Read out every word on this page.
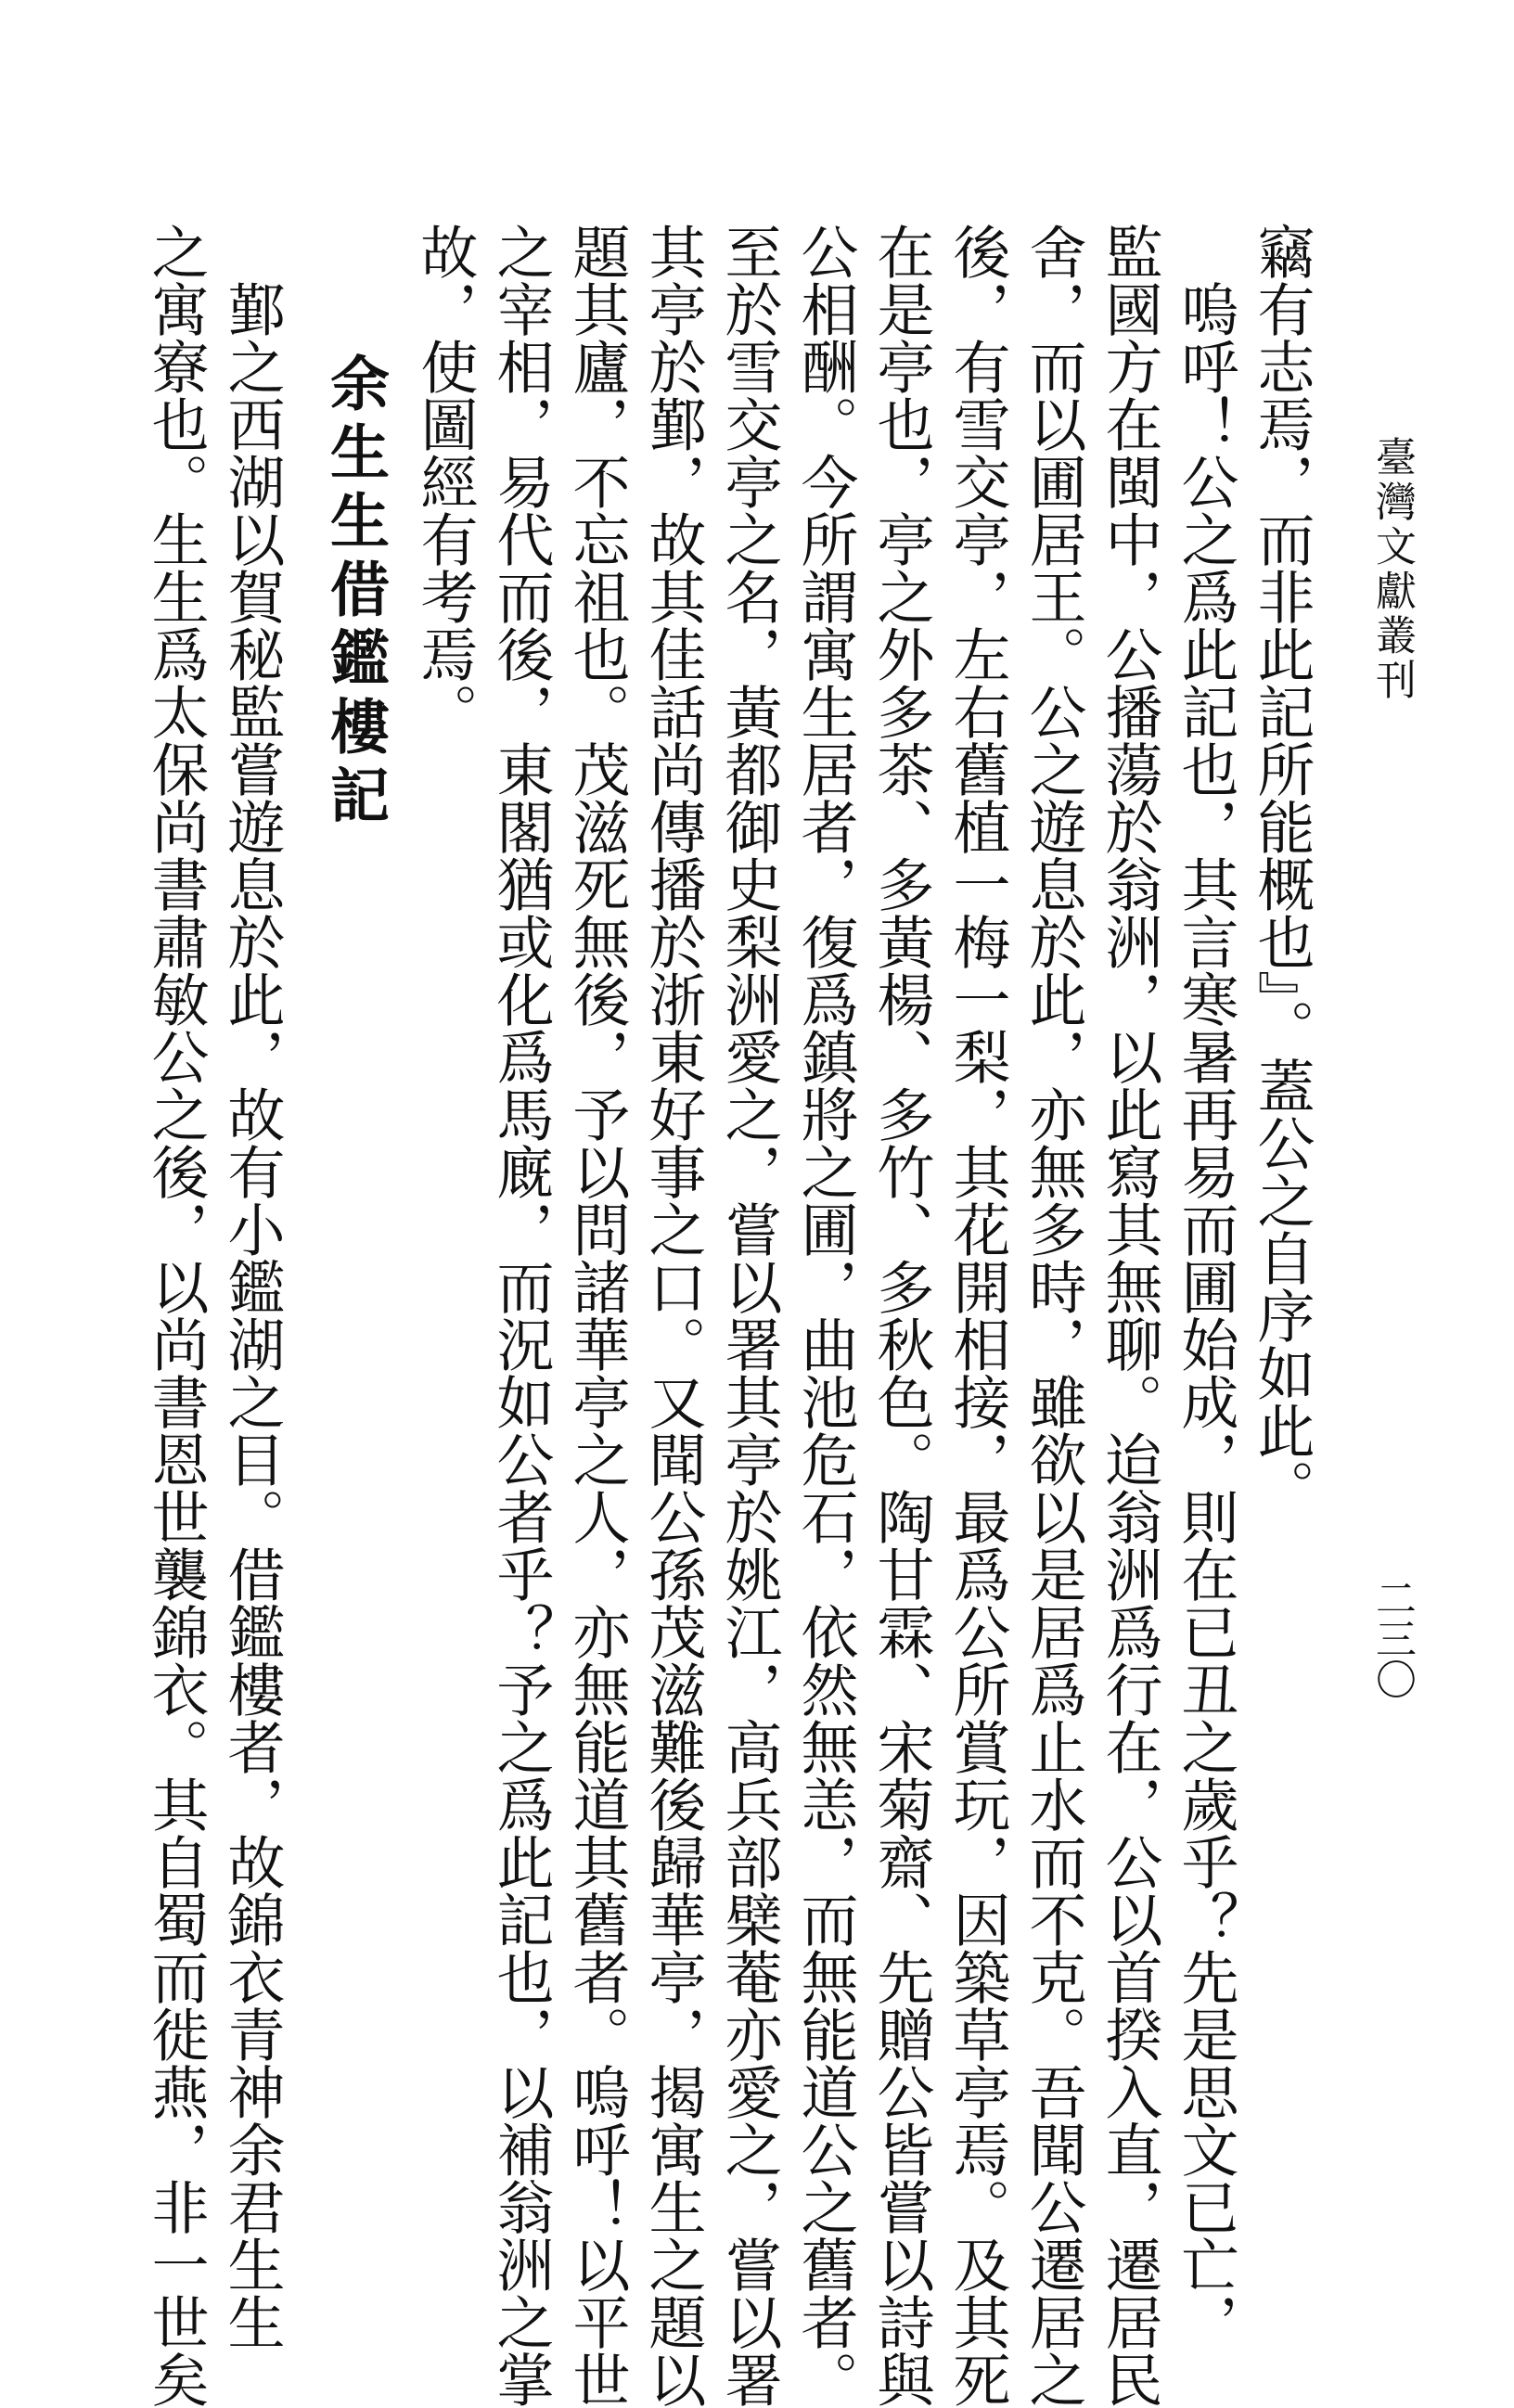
臺灣文獻叢刊
二三〇
竊有志焉，而非此記所能概也』。蓋公之自序如此。
　嗚呼！公之爲此記也，其言寒暑再易而圃始成，則在已丑之歲乎？先是思文已亡，
監國方在閩中，公播蕩於翁洲，以此寫其無聊。迨翁洲爲行在，公以首揆入直，遷居民
舍，而以圃居王。公之遊息於此，亦無多時，雖欲以是居爲止水而不克。吾聞公遷居之
後，有雪交亭，左右舊植一梅一梨，其花開相接，最爲公所賞玩，因築草亭焉。及其死
在是亭也，亭之外多茶、多黃楊、多竹、多秋色。陶甘霖、宋菊齋、先贈公皆嘗以詩與
公相酬。今所謂寓生居者，復爲鎮將之圃，曲池危石，依然無恙，而無能道公之舊者。
至於雪交亭之名，黃都御史梨洲愛之，嘗以署其亭於姚江，高兵部檗菴亦愛之，嘗以署
其亭於鄞，故其佳話尚傳播於浙東好事之口。又聞公孫茂滋難後歸華亭，揭寓生之題以
題其廬，不忘祖也。茂滋死無後，予以問諸華亭之人，亦無能道其舊者。嗚呼！以平世
之宰相，易代而後，東閣猶或化爲馬廐，而況如公者乎？予之爲此記也，以補翁洲之掌
故，使圖經有考焉。
余生生借鑑樓記
　鄞之西湖以賀秘監嘗遊息於此，故有小鑑湖之目。借鑑樓者，故錦衣青神余君生生
之寓寮也。生生爲太保尚書肅敏公之後，以尚書恩世襲錦衣。其自蜀而徙燕，非一世矣
